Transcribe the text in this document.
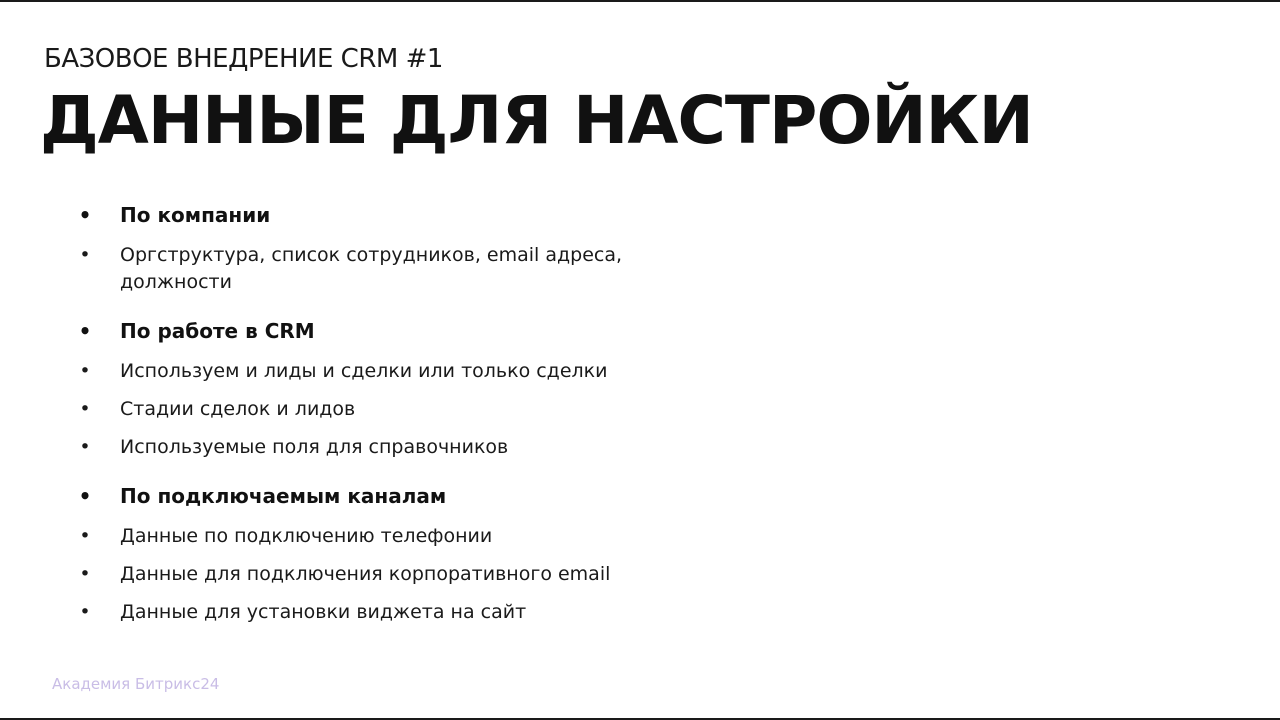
БАЗОВОЕ ВНЕДРЕНИЕ CRM #1
ДАННЫЕ ДЛЯ НАСТРОЙКИ
• По компании
• Оргструктура, список сотрудников, email адреса, должности
• По работе в CRM
• Используем и лиды и сделки или только сделки
• Стадии сделок и лидов
• Используемые поля для справочников
• По подключаемым каналам
• Данные по подключению телефонии
• Данные для подключения корпоративного email
• Данные для установки виджета на сайт
Академия Битрикс24
